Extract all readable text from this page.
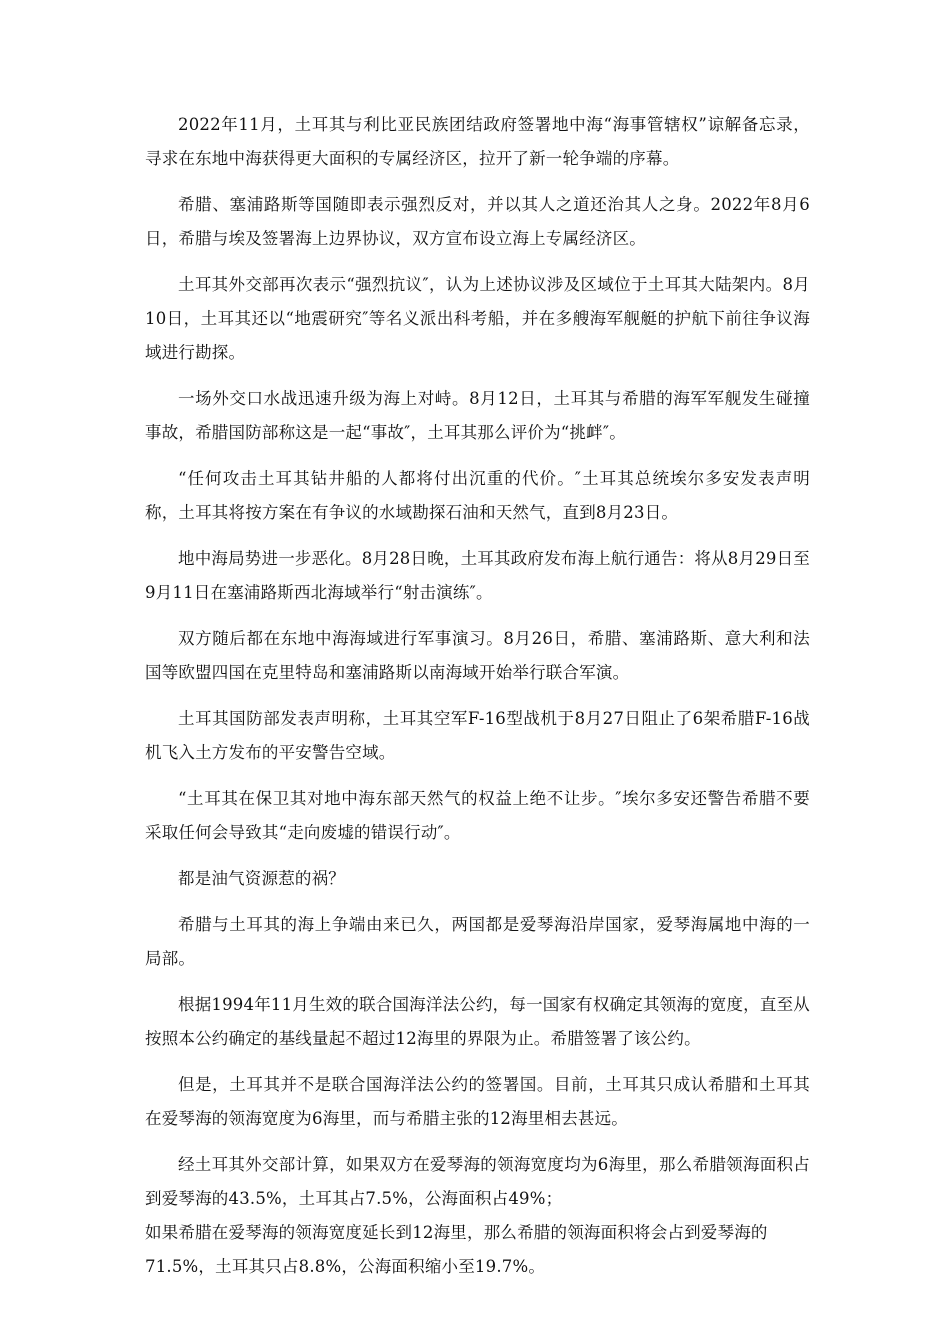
2022年11月，土耳其与利比亚民族团结政府签署地中海“海事管辖权”谅解备忘录，寻求在东地中海获得更大面积的专属经济区，拉开了新一轮争端的序幕。

希腊、塞浦路斯等国随即表示强烈反对，并以其人之道还治其人之身。2022年8月6日，希腊与埃及签署海上边界协议，双方宣布设立海上专属经济区。

土耳其外交部再次表示“强烈抗议″，认为上述协议涉及区域位于土耳其大陆架内。8月10日，土耳其还以“地震研究″等名义派出科考船，并在多艘海军舰艇的护航下前往争议海域进行勘探。

一场外交口水战迅速升级为海上对峙。8月12日，土耳其与希腊的海军军舰发生碰撞事故，希腊国防部称这是一起“事故″，土耳其那么评价为“挑衅″。

“任何攻击土耳其钻井船的人都将付出沉重的代价。″土耳其总统埃尔多安发表声明称，土耳其将按方案在有争议的水域勘探石油和天然气，直到8月23日。

地中海局势进一步恶化。8月28日晚，土耳其政府发布海上航行通告：将从8月29日至9月11日在塞浦路斯西北海域举行“射击演练″。

双方随后都在东地中海海域进行军事演习。8月26日，希腊、塞浦路斯、意大利和法国等欧盟四国在克里特岛和塞浦路斯以南海域开始举行联合军演。

土耳其国防部发表声明称，土耳其空军F-16型战机于8月27日阻止了6架希腊F-16战机飞入土方发布的平安警告空域。

“土耳其在保卫其对地中海东部天然气的权益上绝不让步。″埃尔多安还警告希腊不要采取任何会导致其“走向废墟的错误行动″。

都是油气资源惹的祸？

希腊与土耳其的海上争端由来已久，两国都是爱琴海沿岸国家，爱琴海属地中海的一局部。

根据1994年11月生效的联合国海洋法公约，每一国家有权确定其领海的宽度，直至从按照本公约确定的基线量起不超过12海里的界限为止。希腊签署了该公约。

但是，土耳其并不是联合国海洋法公约的签署国。目前，土耳其只成认希腊和土耳其在爱琴海的领海宽度为6海里，而与希腊主张的12海里相去甚远。

经土耳其外交部计算，如果双方在爱琴海的领海宽度均为6海里，那么希腊领海面积占到爱琴海的43.5%，土耳其占7.5%，公海面积占49%；

如果希腊在爱琴海的领海宽度延长到12海里，那么希腊的领海面积将会占到爱琴海的71.5%，土耳其只占8.8%，公海面积缩小至19.7%。
